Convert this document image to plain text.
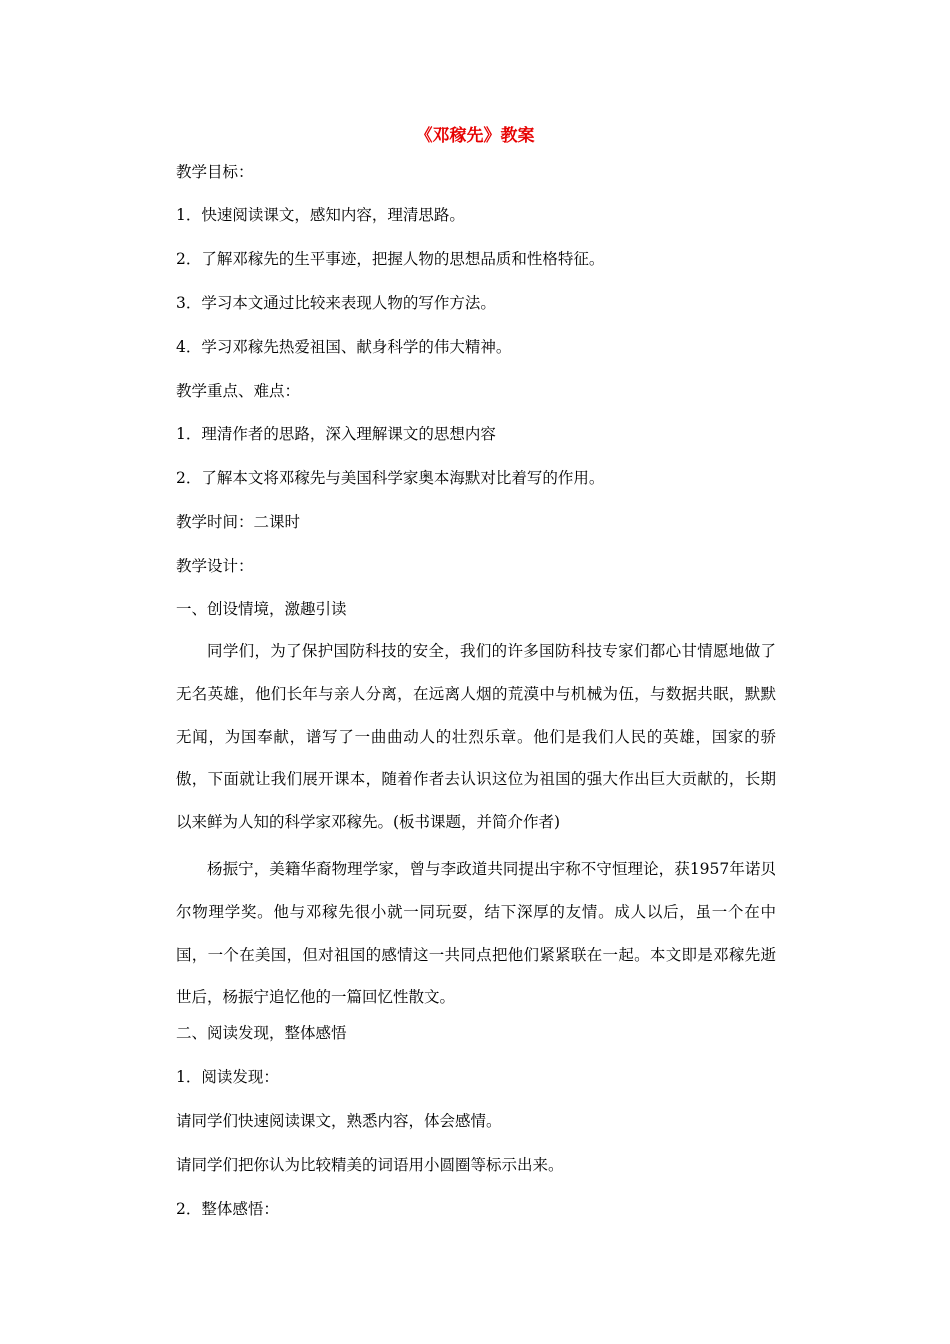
《邓稼先》教案

教学目标：

1．快速阅读课文，感知内容，理清思路。

2．了解邓稼先的生平事迹，把握人物的思想品质和性格特征。

3．学习本文通过比较来表现人物的写作方法。

4．学习邓稼先热爱祖国、献身科学的伟大精神。

教学重点、难点：

1．理清作者的思路，深入理解课文的思想内容

2．了解本文将邓稼先与美国科学家奥本海默对比着写的作用。

教学时间：二课时

教学设计：

一、创设情境，激趣引读

同学们，为了保护国防科技的安全，我们的许多国防科技专家们都心甘情愿地做了无名英雄，他们长年与亲人分离，在远离人烟的荒漠中与机械为伍，与数据共眠，默默无闻，为国奉献，谱写了一曲曲动人的壮烈乐章。他们是我们人民的英雄，国家的骄傲，下面就让我们展开课本，随着作者去认识这位为祖国的强大作出巨大贡献的，长期以来鲜为人知的科学家邓稼先。(板书课题，并简介作者)

杨振宁，美籍华裔物理学家，曾与李政道共同提出宇称不守恒理论，获1957年诺贝尔物理学奖。他与邓稼先很小就一同玩耍，结下深厚的友情。成人以后，虽一个在中国，一个在美国，但对祖国的感情这一共同点把他们紧紧联在一起。本文即是邓稼先逝世后，杨振宁追忆他的一篇回忆性散文。

二、阅读发现，整体感悟

1．阅读发现：

请同学们快速阅读课文，熟悉内容，体会感情。

请同学们把你认为比较精美的词语用小圆圈等标示出来。

2．整体感悟：
